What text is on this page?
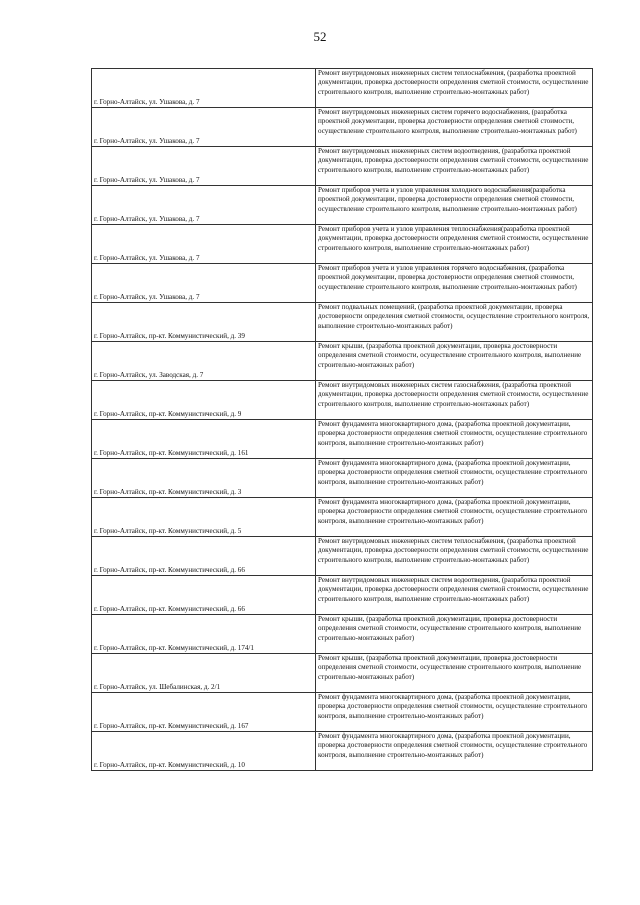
52
г. Горно-Алтайск, ул. Ушакова, д. 7	Ремонт внутридомовых инженерных систем теплоснабжения, (разработка проектной документации, проверка достоверности определения сметной стоимости, осуществление строительного контроля, выполнение строительно-монтажных работ)
г. Горно-Алтайск, ул. Ушакова, д. 7	Ремонт внутридомовых инженерных систем горячего водоснабжения, (разработка проектной документации, проверка достоверности определения сметной стоимости, осуществление строительного контроля, выполнение строительно-монтажных работ)
г. Горно-Алтайск, ул. Ушакова, д. 7	Ремонт внутридомовых инженерных систем водоотведения, (разработка проектной документации, проверка достоверности определения сметной стоимости, осуществление строительного контроля, выполнение строительно-монтажных работ)
г. Горно-Алтайск, ул. Ушакова, д. 7	Ремонт приборов учета и узлов управления холодного водоснабжения(разработка проектной документации, проверка достоверности определения сметной стоимости, осуществление строительного контроля, выполнение строительно-монтажных работ)
г. Горно-Алтайск, ул. Ушакова, д. 7	Ремонт приборов учета и узлов управления теплоснабжения(разработка проектной документации, проверка достоверности определения сметной стоимости, осуществление строительного контроля, выполнение строительно-монтажных работ)
г. Горно-Алтайск, ул. Ушакова, д. 7	Ремонт приборов учета и узлов управления горячего водоснабжения, (разработка проектной документации, проверка достоверности определения сметной стоимости, осуществление строительного контроля, выполнение строительно-монтажных работ)
г. Горно-Алтайск, пр-кт. Коммунистический, д. 39	Ремонт подвальных помещений, (разработка проектной документации, проверка достоверности определения сметной стоимости, осуществление строительного контроля, выполнение строительно-монтажных работ)
г. Горно-Алтайск, ул. Заводская, д. 7	Ремонт крыши, (разработка проектной документации, проверка достоверности определения сметной стоимости, осуществление строительного контроля, выполнение строительно-монтажных работ)
г. Горно-Алтайск, пр-кт. Коммунистический, д. 9	Ремонт внутридомовых инженерных систем газоснабжения, (разработка проектной документации, проверка достоверности определения сметной стоимости, осуществление строительного контроля, выполнение строительно-монтажных работ)
г. Горно-Алтайск, пр-кт. Коммунистический, д. 161	Ремонт фундамента многоквартирного дома, (разработка проектной документации, проверка достоверности определения сметной стоимости, осуществление строительного контроля, выполнение строительно-монтажных работ)
г. Горно-Алтайск, пр-кт. Коммунистический, д. 3	Ремонт фундамента многоквартирного дома, (разработка проектной документации, проверка достоверности определения сметной стоимости, осуществление строительного контроля, выполнение строительно-монтажных работ)
г. Горно-Алтайск, пр-кт. Коммунистический, д. 5	Ремонт фундамента многоквартирного дома, (разработка проектной документации, проверка достоверности определения сметной стоимости, осуществление строительного контроля, выполнение строительно-монтажных работ)
г. Горно-Алтайск, пр-кт. Коммунистический, д. 66	Ремонт внутридомовых инженерных систем теплоснабжения, (разработка проектной документации, проверка достоверности определения сметной стоимости, осуществление строительного контроля, выполнение строительно-монтажных работ)
г. Горно-Алтайск, пр-кт. Коммунистический, д. 66	Ремонт внутридомовых инженерных систем водоотведения, (разработка проектной документации, проверка достоверности определения сметной стоимости, осуществление строительного контроля, выполнение строительно-монтажных работ)
г. Горно-Алтайск, пр-кт. Коммунистический, д. 174/1	Ремонт крыши, (разработка проектной документации, проверка достоверности определения сметной стоимости, осуществление строительного контроля, выполнение строительно-монтажных работ)
г. Горно-Алтайск, ул. Шебалинская, д. 2/1	Ремонт крыши, (разработка проектной документации, проверка достоверности определения сметной стоимости, осуществление строительного контроля, выполнение строительно-монтажных работ)
г. Горно-Алтайск, пр-кт. Коммунистический, д. 167	Ремонт фундамента многоквартирного дома, (разработка проектной документации, проверка достоверности определения сметной стоимости, осуществление строительного контроля, выполнение строительно-монтажных работ)
г. Горно-Алтайск, пр-кт. Коммунистический, д. 10	Ремонт фундамента многоквартирного дома, (разработка проектной документации, проверка достоверности определения сметной стоимости, осуществление строительного контроля, выполнение строительно-монтажных работ)
